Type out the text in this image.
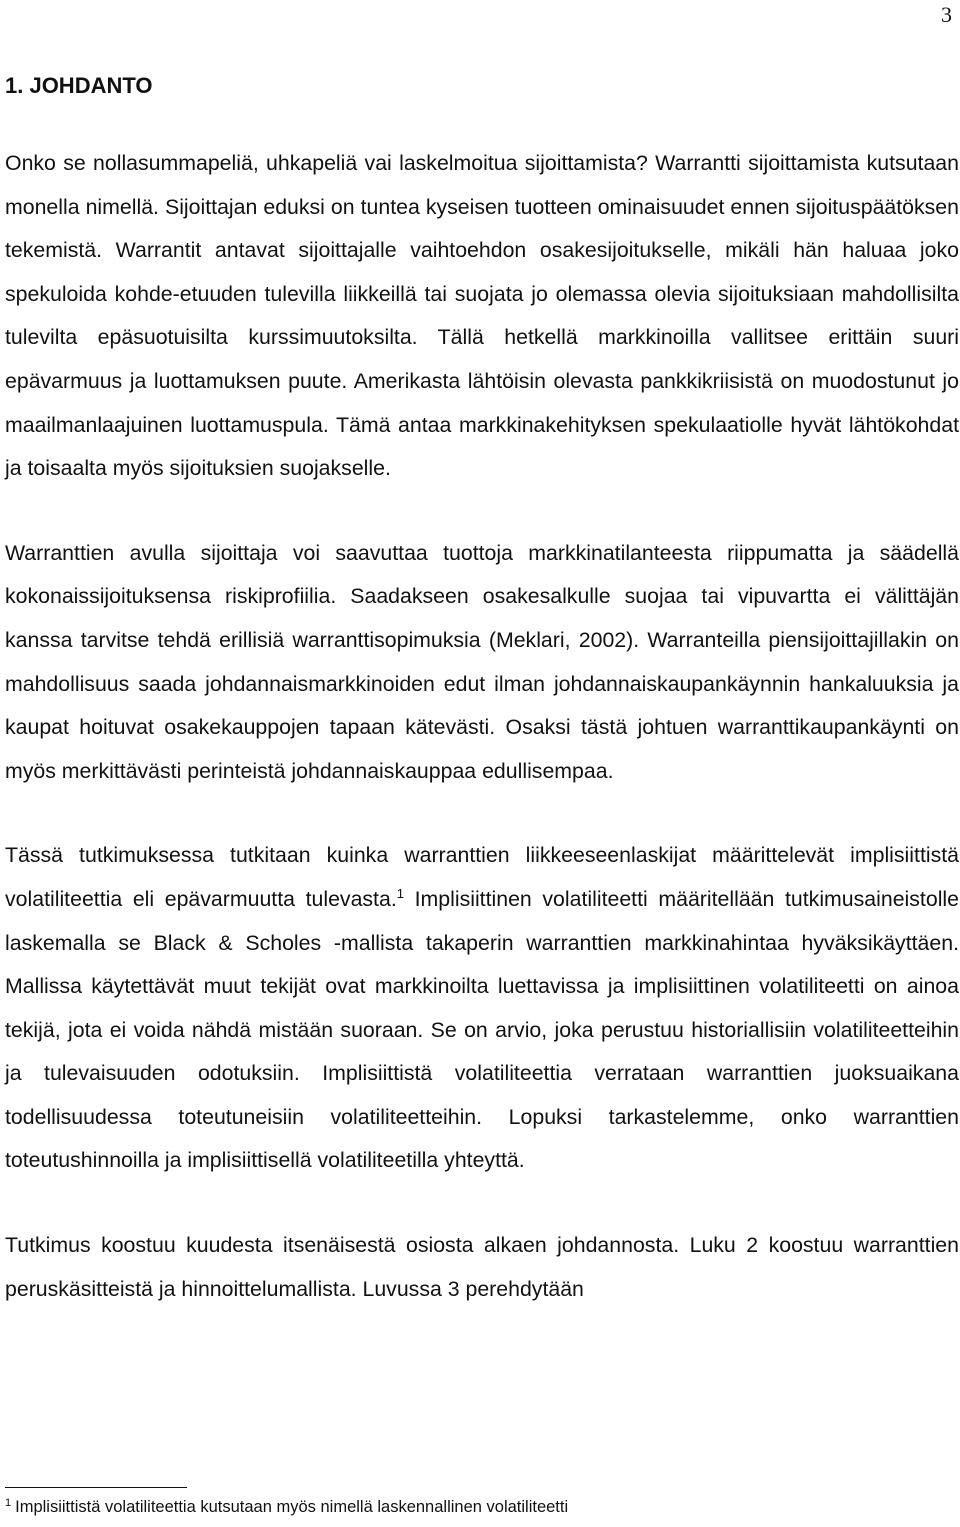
3
1. JOHDANTO

Onko se nollasummapeliä, uhkapeliä vai laskelmoitua sijoittamista? Warrantti sijoittamista kutsutaan monella nimellä. Sijoittajan eduksi on tuntea kyseisen tuotteen ominaisuudet ennen sijoituspäätöksen tekemistä. Warrantit antavat sijoittajalle vaihtoehdon osakesijoitukselle, mikäli hän haluaa joko spekuloida kohde-etuuden tulevilla liikkeillä tai suojata jo olemassa olevia sijoituksiaan mahdollisilta tulevilta epäsuotuisilta kurssimuutoksilta. Tällä hetkellä markkinoilla vallitsee erittäin suuri epävarmuus ja luottamuksen puute. Amerikasta lähtöisin olevasta pankkikriisistä on muodostunut jo maailmanlaajuinen luottamuspula. Tämä antaa markkinakehityksen spekulaatiolle hyvät lähtökohdat ja toisaalta myös sijoituksien suojakselle.

Warranttien avulla sijoittaja voi saavuttaa tuottoja markkinatilanteesta riippumatta ja säädellä kokonaissijoituksensa riskiprofiilia. Saadakseen osakesalkulle suojaa tai vipuvartta ei välittäjän kanssa tarvitse tehdä erillisiä warranttisopimuksia (Meklari, 2002). Warranteilla piensijoittajillakin on mahdollisuus saada johdannaismarkkinoiden edut ilman johdannaiskaupankäynnin hankaluuksia ja kaupat hoituvat osakekauppojen tapaan kätevästi. Osaksi tästä johtuen warranttikaupankäynti on myös merkittävästi perinteistä johdannaiskauppaa edullisempaa.

Tässä tutkimuksessa tutkitaan kuinka warranttien liikkeeseenlaskijat määrittelevät implisiittistä volatiliteettia eli epävarmuutta tulevasta.$^1$ Implisiittinen volatiliteetti määritellään tutkimusaineistolle laskemalla se Black & Scholes -mallista takaperin warranttien markkinahintaa hyväksikäyttäen. Mallissa käytettävät muut tekijät ovat markkinoilta luettavissa ja implisiittinen volatiliteetti on ainoa tekijä, jota ei voida nähdä mistään suoraan. Se on arvio, joka perustuu historiallisiin volatiliteetteihin ja tulevaisuuden odotuksiin. Implisiittistä volatiliteettia verrataan warranttien juoksuaikana todellisuudessa toteutuneisiin volatiliteetteihin. Lopuksi tarkastelemme, onko warranttien toteutushinnoilla ja implisiittisellä volatiliteetilla yhteyttä.

Tutkimus koostuu kuudesta itsenäisestä osiosta alkaen johdannosta. Luku 2 koostuu warranttien peruskäsitteistä ja hinnoittelumallista. Luvussa 3 perehdytään

$^1$ Implisiittistä volatiliteettia kutsutaan myös nimellä laskennallinen volatiliteetti
